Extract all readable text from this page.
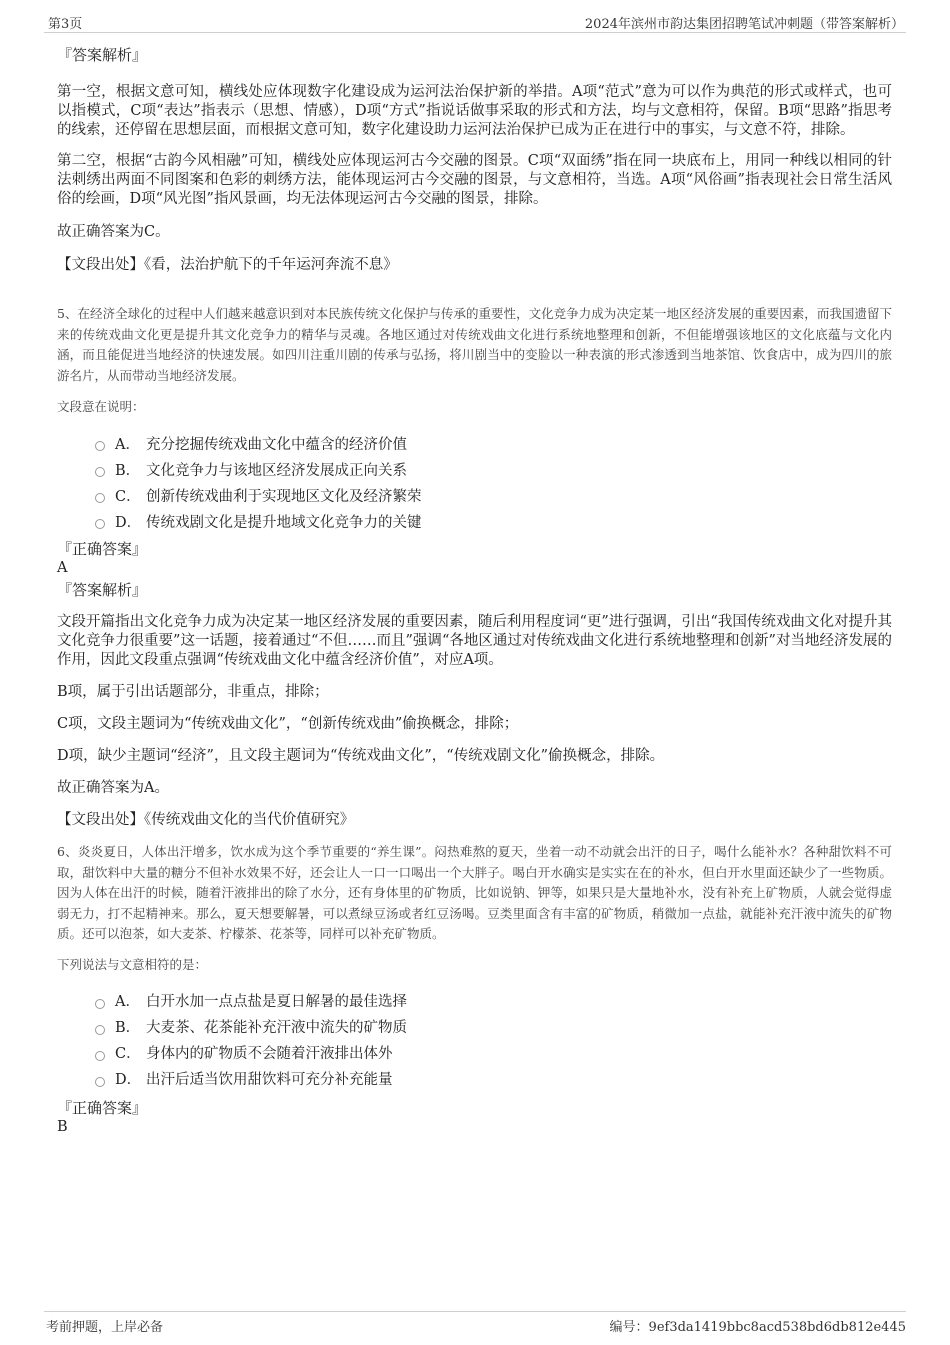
第3页	2024年滨州市韵达集团招聘笔试冲刺题（带答案解析）
『答案解析』

第一空，根据文意可知，横线处应体现数字化建设成为运河法治保护新的举措。A项“范式”意为可以作为典范的形式或样式，也可以指模式，C项“表达”指表示（思想、情感），D项“方式”指说话做事采取的形式和方法，均与文意相符，保留。B项“思路”指思考的线索，还停留在思想层面，而根据文意可知，数字化建设助力运河法治保护已成为正在进行中的事实，与文意不符，排除。

第二空，根据“古韵今风相融”可知，横线处应体现运河古今交融的图景。C项“双面绣”指在同一块底布上，用同一种线以相同的针法刺绣出两面不同图案和色彩的刺绣方法，能体现运河古今交融的图景，与文意相符，当选。A项“风俗画”指表现社会日常生活风俗的绘画，D项“风光图”指风景画，均无法体现运河古今交融的图景，排除。

故正确答案为C。

【文段出处】《看，法治护航下的千年运河奔流不息》

5、在经济全球化的过程中人们越来越意识到对本民族传统文化保护与传承的重要性，文化竞争力成为决定某一地区经济发展的重要因素，而我国遗留下来的传统戏曲文化更是提升其文化竞争力的精华与灵魂。各地区通过对传统戏曲文化进行系统地整理和创新，不但能增强该地区的文化底蕴与文化内涵，而且能促进当地经济的快速发展。如四川注重川剧的传承与弘扬，将川剧当中的变脸以一种表演的形式渗透到当地茶馆、饮食店中，成为四川的旅游名片，从而带动当地经济发展。

文段意在说明：
A． 充分挖掘传统戏曲文化中蕴含的经济价值
B． 文化竞争力与该地区经济发展成正向关系
C． 创新传统戏曲利于实现地区文化及经济繁荣
D． 传统戏剧文化是提升地域文化竞争力的关键
『正确答案』
A
『答案解析』

文段开篇指出文化竞争力成为决定某一地区经济发展的重要因素，随后利用程度词“更”进行强调，引出“我国传统戏曲文化对提升其文化竞争力很重要”这一话题，接着通过“不但……而且”强调“各地区通过对传统戏曲文化进行系统地整理和创新”对当地经济发展的作用，因此文段重点强调“传统戏曲文化中蕴含经济价值”，对应A项。

B项，属于引出话题部分，非重点，排除；

C项，文段主题词为“传统戏曲文化”，“创新传统戏曲”偷换概念，排除；

D项，缺少主题词“经济”，且文段主题词为“传统戏曲文化”，“传统戏剧文化”偷换概念，排除。

故正确答案为A。

【文段出处】《传统戏曲文化的当代价值研究》

6、炎炎夏日，人体出汗增多，饮水成为这个季节重要的“养生课”。闷热难熬的夏天，坐着一动不动就会出汗的日子，喝什么能补水？各种甜饮料不可取，甜饮料中大量的糖分不但补水效果不好，还会让人一口一口喝出一个大胖子。喝白开水确实是实实在在的补水，但白开水里面还缺少了一些物质。因为人体在出汗的时候，随着汗液排出的除了水分，还有身体里的矿物质，比如说钠、钾等，如果只是大量地补水，没有补充上矿物质，人就会觉得虚弱无力，打不起精神来。那么，夏天想要解暑，可以煮绿豆汤或者红豆汤喝。豆类里面含有丰富的矿物质，稍微加一点盐，就能补充汗液中流失的矿物质。还可以泡茶，如大麦茶、柠檬茶、花茶等，同样可以补充矿物质。

下列说法与文意相符的是：
A． 白开水加一点点盐是夏日解暑的最佳选择
B． 大麦茶、花茶能补充汗液中流失的矿物质
C． 身体内的矿物质不会随着汗液排出体外
D． 出汗后适当饮用甜饮料可充分补充能量
『正确答案』
B
考前押题，上岸必备	编号：9ef3da1419bbc8acd538bd6db812e445
